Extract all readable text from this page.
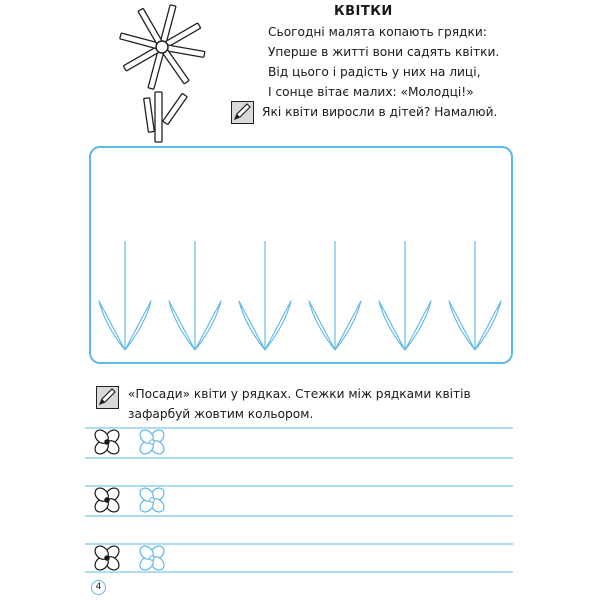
КВІТКИ
Сьогодні малята копають грядки:
Уперше в житті вони садять квітки.
Від цього і радість у них на лиці,
І сонце вітає малих: «Молодці!»
Які квіти виросли в дітей? Намалюй.
«Посади» квіти у рядках. Стежки між рядками квітів зафарбуй жовтим кольором.
4
